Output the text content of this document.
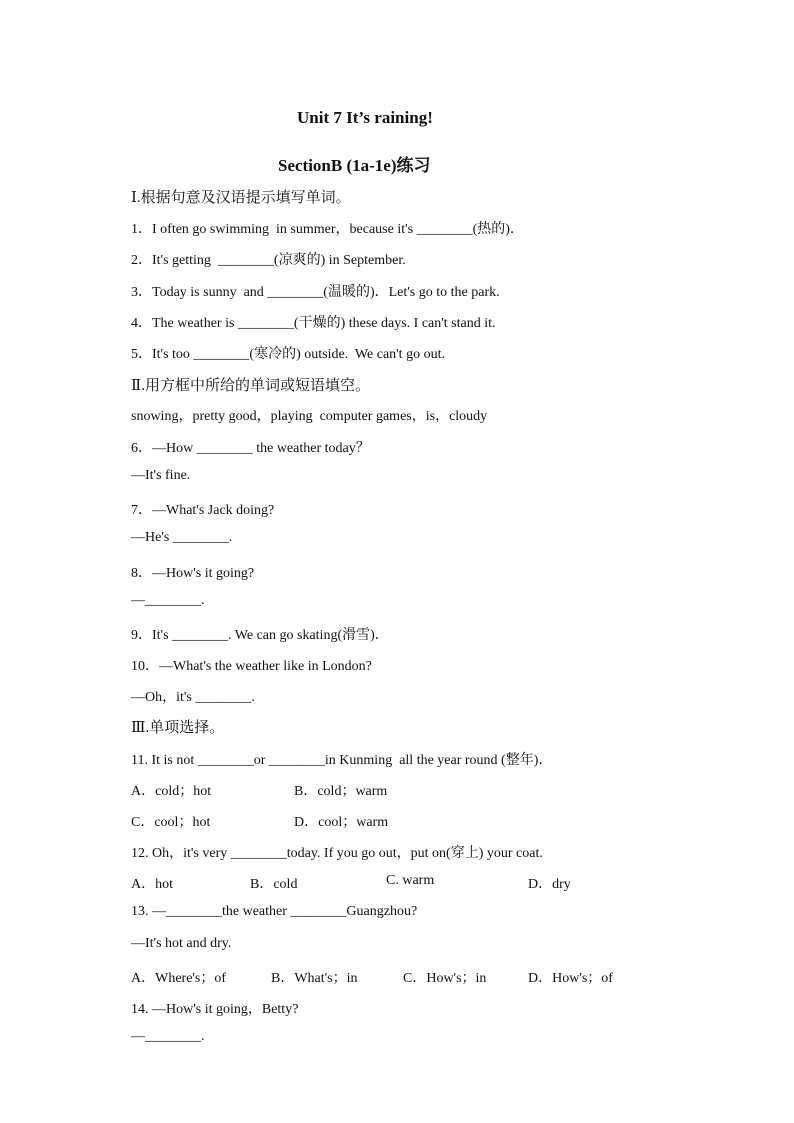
Unit 7 It’s raining!
SectionB (1a-1e)练习
Ⅰ.根据句意及汉语提示填写单词。
1．I often go swimming  in summer，because it's ________(热的)．
2．It's getting  ________(凉爽的) in September.
3．Today is sunny  and ________(温暖的)．Let's go to the park.
4．The weather is ________(干燥的) these days. I can't stand it.
5．It's too ________(寒冷的) outside.  We can't go out.
Ⅱ.用方框中所给的单词或短语填空。
snowing，pretty good，playing  computer games，is，cloudy
6．—How ________ the weather today？
—It's fine.
7．—What's Jack doing?
—He's ________.
8．—How's it going?
—________.
9．It's ________. We can go skating(滑雪)．
10．—What's the weather like in London?
—Oh，it's ________.
Ⅲ.单项选择。
11. It is not ________or ________in Kunming  all the year round (整年)．
A．cold；hot	B．cold；warm
C．cool；hot	D．cool；warm
12. Oh，it's very ________today. If you go out，put on(穿上) your coat.
A．hot	B．cold	C. warm	D．dry
13. —________the weather ________Guangzhou?
—It's hot and dry.
A．Where's；of	B．What's；in	C．How's；in	D．How's；of
14. —How's it going，Betty?
—________.
